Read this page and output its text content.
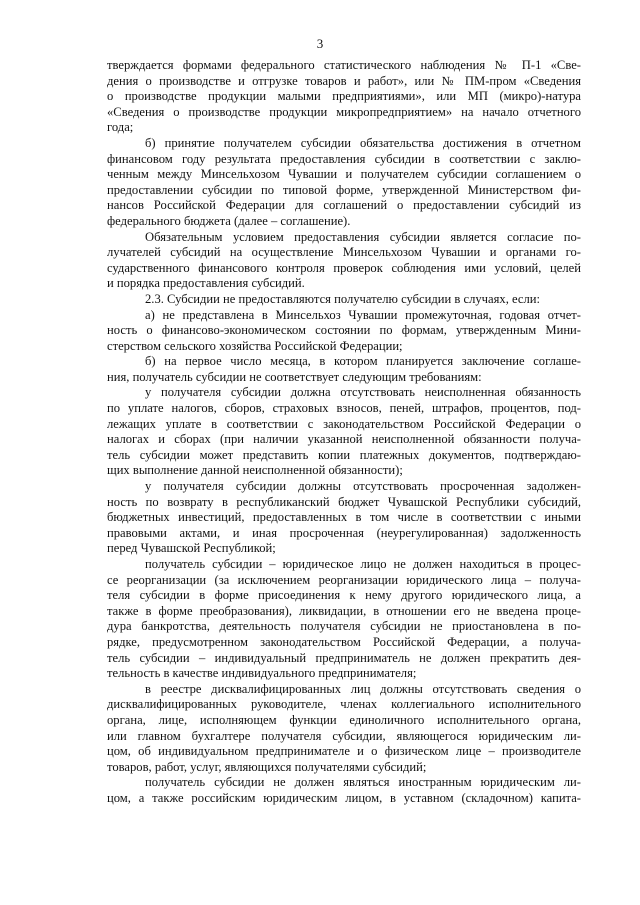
3
тверждается формами федерального статистического наблюдения № П-1 «Све-
дения о производстве и отгрузке товаров и работ», или № ПМ-пром «Сведения
о производстве продукции малыми предприятиями», или МП (микро)-натура
«Сведения о производстве продукции микропредприятием» на начало отчетного
года;
б) принятие получателем субсидии обязательства достижения в отчетном
финансовом году результата предоставления субсидии в соответствии с заклю-
ченным между Минсельхозом Чувашии и получателем субсидии соглашением о
предоставлении субсидии по типовой форме, утвержденной Министерством фи-
нансов Российской Федерации для соглашений о предоставлении субсидий из
федерального бюджета (далее – соглашение).
Обязательным условием предоставления субсидии является согласие по-
лучателей субсидий на осуществление Минсельхозом Чувашии и органами го-
сударственного финансового контроля проверок соблюдения ими условий, целей
и порядка предоставления субсидий.
2.3. Субсидии не предоставляются получателю субсидии в случаях, если:
а) не представлена в Минсельхоз Чувашии промежуточная, годовая отчет-
ность о финансово-экономическом состоянии по формам, утвержденным Мини-
стерством сельского хозяйства Российской Федерации;
б) на первое число месяца, в котором планируется заключение соглаше-
ния, получатель субсидии не соответствует следующим требованиям:
у получателя субсидии должна отсутствовать неисполненная обязанность
по уплате налогов, сборов, страховых взносов, пеней, штрафов, процентов, под-
лежащих уплате в соответствии с законодательством Российской Федерации о
налогах и сборах (при наличии указанной неисполненной обязанности получа-
тель субсидии может представить копии платежных документов, подтверждаю-
щих выполнение данной неисполненной обязанности);
у получателя субсидии должны отсутствовать просроченная задолжен-
ность по возврату в республиканский бюджет Чувашской Республики субсидий,
бюджетных инвестиций, предоставленных в том числе в соответствии с иными
правовыми актами, и иная просроченная (неурегулированная) задолженность
перед Чувашской Республикой;
получатель субсидии – юридическое лицо не должен находиться в процес-
се реорганизации (за исключением реорганизации юридического лица – получа-
теля субсидии в форме присоединения к нему другого юридического лица, а
также в форме преобразования), ликвидации, в отношении его не введена проце-
дура банкротства, деятельность получателя субсидии не приостановлена в по-
рядке, предусмотренном законодательством Российской Федерации, а получа-
тель субсидии – индивидуальный предприниматель не должен прекратить дея-
тельность в качестве индивидуального предпринимателя;
в реестре дисквалифицированных лиц должны отсутствовать сведения о
дисквалифицированных руководителе, членах коллегиального исполнительного
органа, лице, исполняющем функции единоличного исполнительного органа,
или главном бухгалтере получателя субсидии, являющегося юридическим ли-
цом, об индивидуальном предпринимателе и о физическом лице – производителе
товаров, работ, услуг, являющихся получателями субсидий;
получатель субсидии не должен являться иностранным юридическим ли-
цом, а также российским юридическим лицом, в уставном (складочном) капита-
